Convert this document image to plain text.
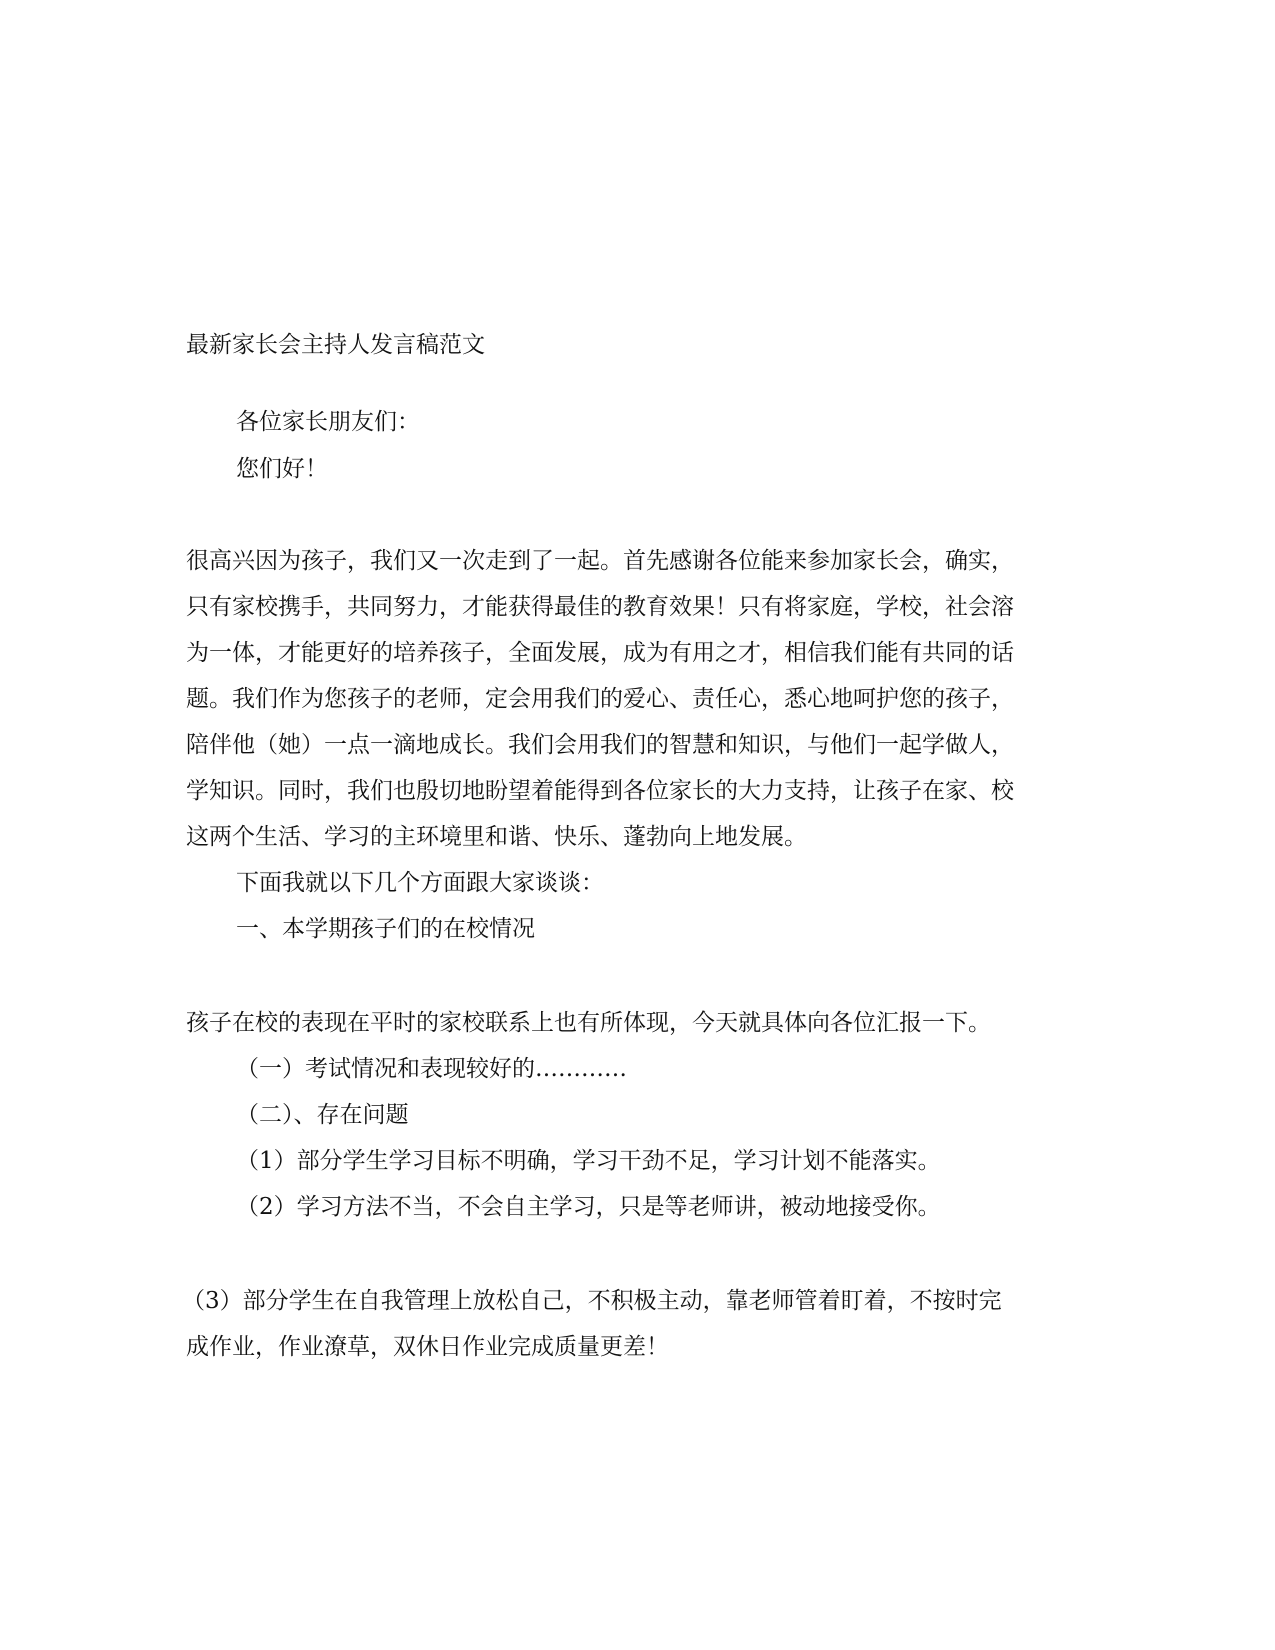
最新家长会主持人发言稿范文
各位家长朋友们：
您们好！
很高兴因为孩子，我们又一次走到了一起。首先感谢各位能来参加家长会，确实，
只有家校携手，共同努力，才能获得最佳的教育效果！只有将家庭，学校，社会溶
为一体，才能更好的培养孩子，全面发展，成为有用之才，相信我们能有共同的话
题。我们作为您孩子的老师，定会用我们的爱心、责任心，悉心地呵护您的孩子，
陪伴他（她）一点一滴地成长。我们会用我们的智慧和知识，与他们一起学做人，
学知识。同时，我们也殷切地盼望着能得到各位家长的大力支持，让孩子在家、校
这两个生活、学习的主环境里和谐、快乐、蓬勃向上地发展。
下面我就以下几个方面跟大家谈谈：
一、本学期孩子们的在校情况
孩子在校的表现在平时的家校联系上也有所体现，今天就具体向各位汇报一下。
（一）考试情况和表现较好的…………
（二）、存在问题
（1）部分学生学习目标不明确，学习干劲不足，学习计划不能落实。
（2）学习方法不当，不会自主学习，只是等老师讲，被动地接受你。
（3）部分学生在自我管理上放松自己，不积极主动，靠老师管着盯着，不按时完
成作业，作业潦草，双休日作业完成质量更差！
